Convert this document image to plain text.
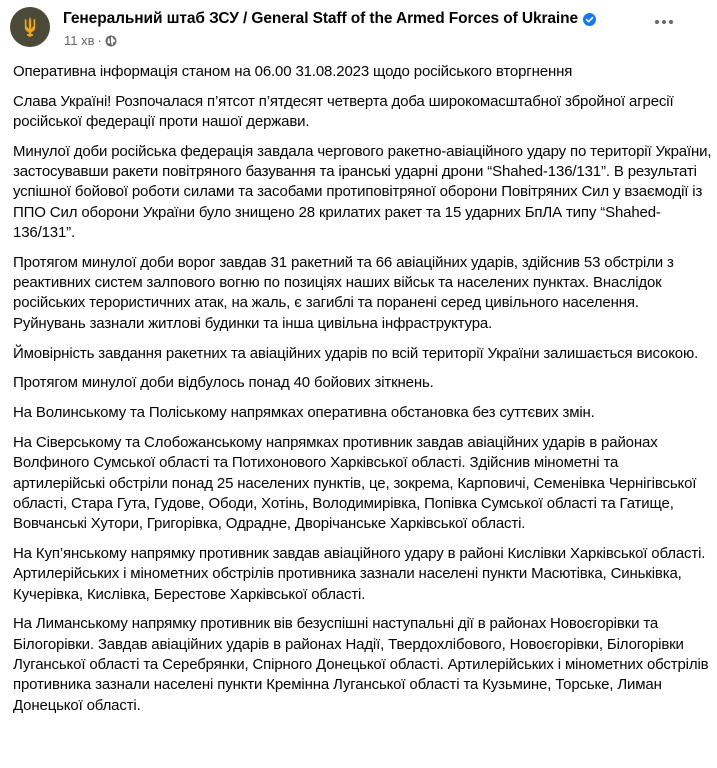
Генеральний штаб ЗСУ / General Staff of the Armed Forces of Ukraine
11 хв ·

Оперативна інформація станом на 06.00 31.08.2023 щодо російського вторгнення

Слава Україні! Розпочалася п’ятсот п’ятдесят четверта доба широкомасштабної збройної агресії російської федерації проти нашої держави.

Минулої доби російська федерація завдала чергового ракетно-авіаційного удару по території України, застосувавши ракети повітряного базування та іранські ударні дрони “Shahed-136/131”. В результаті успішної бойової роботи силами та засобами протиповітряної оборони Повітряних Сил у взаємодії із ППО Сил оборони України було знищено 28 крилатих ракет та 15 ударних БпЛА типу “Shahed-136/131”.

Протягом минулої доби ворог завдав 31 ракетний та 66 авіаційних ударів, здійснив 53 обстріли з реактивних систем залпового вогню по позиціях наших військ та населених пунктах. Внаслідок російських терористичних атак, на жаль, є загиблі та поранені серед цивільного населення. Руйнувань зазнали житлові будинки та інша цивільна інфраструктура.

Ймовірність завдання ракетних та авіаційних ударів по всій території України залишається високою.

Протягом минулої доби відбулось понад 40 бойових зіткнень.

На Волинському та Поліському напрямках оперативна обстановка без суттєвих змін.

На Сіверському та Слобожанському напрямках противник завдав авіаційних ударів в районах Волфиного Сумської області та Потихонового Харківської області. Здійснив мінометні та артилерійські обстріли понад 25 населених пунктів, це, зокрема, Карповичі, Семенівка Чернігівської області, Стара Гута, Гудове, Ободи, Хотінь, Володимирівка, Попівка Сумської області та Гатище, Вовчанські Хутори, Григорівка, Одрадне, Дворічанське Харківської області.

На Куп’янському напрямку противник завдав авіаційного удару в районі Кислівки Харківської області. Артилерійських і мінометних обстрілів противника зазнали населені пункти Масютівка, Синьківка, Кучерівка, Кислівка, Берестове Харківської області.

На Лиманському напрямку противник вів безуспішні наступальні дії в районах Новоєгорівки та Білогорівки. Завдав авіаційних ударів в районах Надії, Твердохлібового, Новоєгорівки, Білогорівки Луганської області та Серебрянки, Спірного Донецької області. Артилерійських і мінометних обстрілів противника зазнали населені пункти Кремінна Луганської області та Кузьмине, Торське, Лиман Донецької області.
